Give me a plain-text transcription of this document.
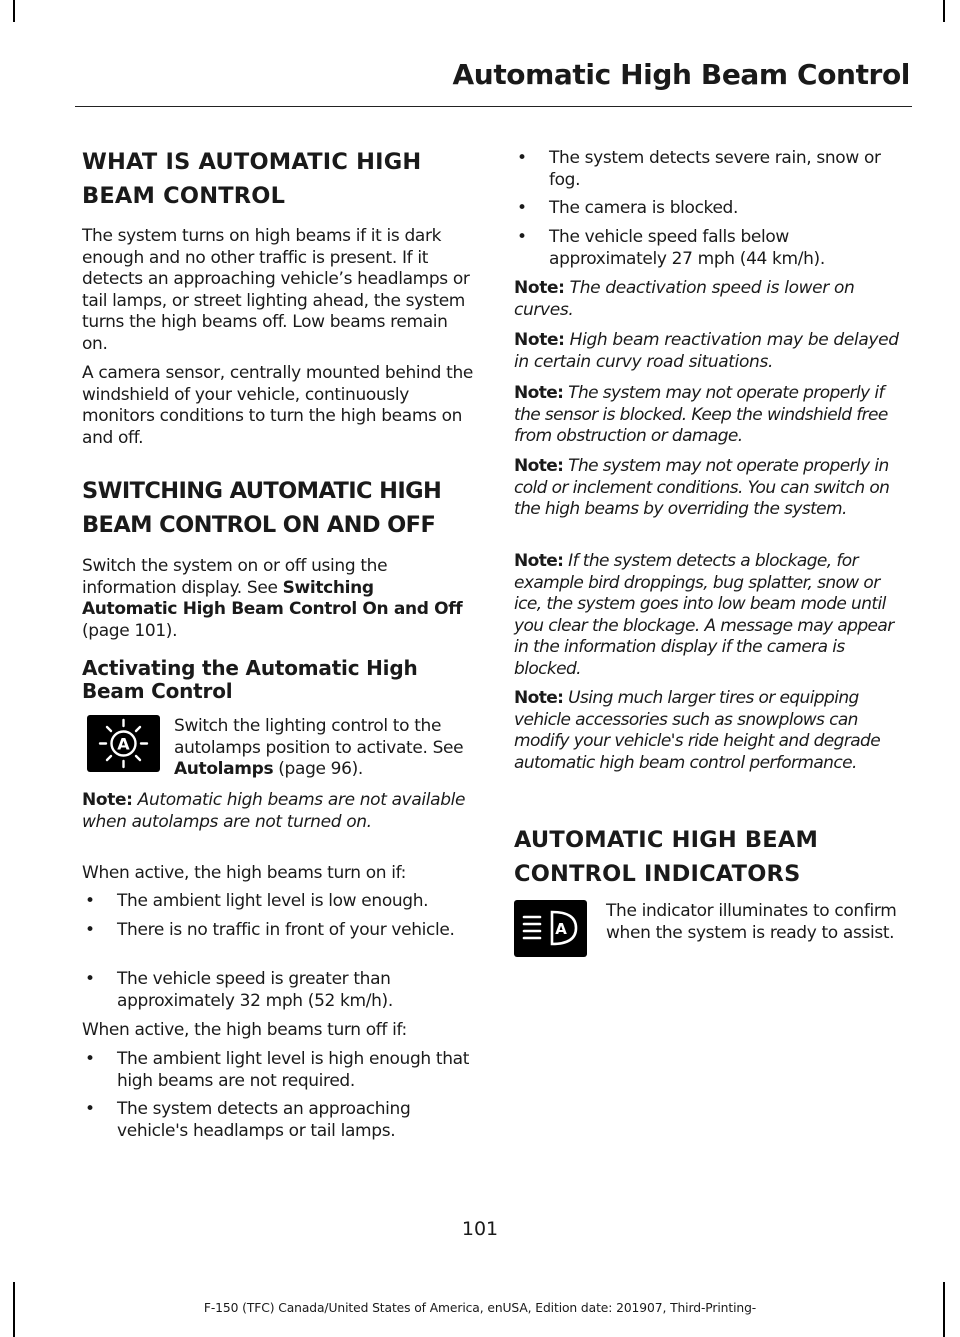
Automatic High Beam Control
WHAT IS AUTOMATIC HIGH
BEAM CONTROL

The system turns on high beams if it is dark enough and no other traffic is present. If it detects an approaching vehicle’s headlamps or tail lamps, or street lighting ahead, the system turns the high beams off. Low beams remain on.

A camera sensor, centrally mounted behind the windshield of your vehicle, continuously monitors conditions to turn the high beams on and off.

SWITCHING AUTOMATIC HIGH
BEAM CONTROL ON AND OFF

Switch the system on or off using the information display. See Switching Automatic High Beam Control On and Off (page 101).

Activating the Automatic High Beam Control
A

Switch the lighting control to the autolamps position to activate. See Autolamps (page 96).

Note: Automatic high beams are not available when autolamps are not turned on.

When active, the high beams turn on if:

• The ambient light level is low enough.
• There is no traffic in front of your vehicle.
• The vehicle speed is greater than approximately 32 mph (52 km/h).

When active, the high beams turn off if:

• The ambient light level is high enough that high beams are not required.
• The system detects an approaching vehicle's headlamps or tail lamps.
• The system detects severe rain, snow or fog.
• The camera is blocked.
• The vehicle speed falls below approximately 27 mph (44 km/h).

Note: The deactivation speed is lower on curves.

Note: High beam reactivation may be delayed in certain curvy road situations.

Note: The system may not operate properly if the sensor is blocked. Keep the windshield free from obstruction or damage.

Note: The system may not operate properly in cold or inclement conditions. You can switch on the high beams by overriding the system.

Note: If the system detects a blockage, for example bird droppings, bug splatter, snow or ice, the system goes into low beam mode until you clear the blockage. A message may appear in the information display if the camera is blocked.

Note: Using much larger tires or equipping vehicle accessories such as snowplows can modify your vehicle's ride height and degrade automatic high beam control performance.

AUTOMATIC HIGH BEAM
CONTROL INDICATORS
A

The indicator illuminates to confirm when the system is ready to assist.

101
F-150 (TFC) Canada/United States of America, enUSA, Edition date: 201907, Third-Printing-
